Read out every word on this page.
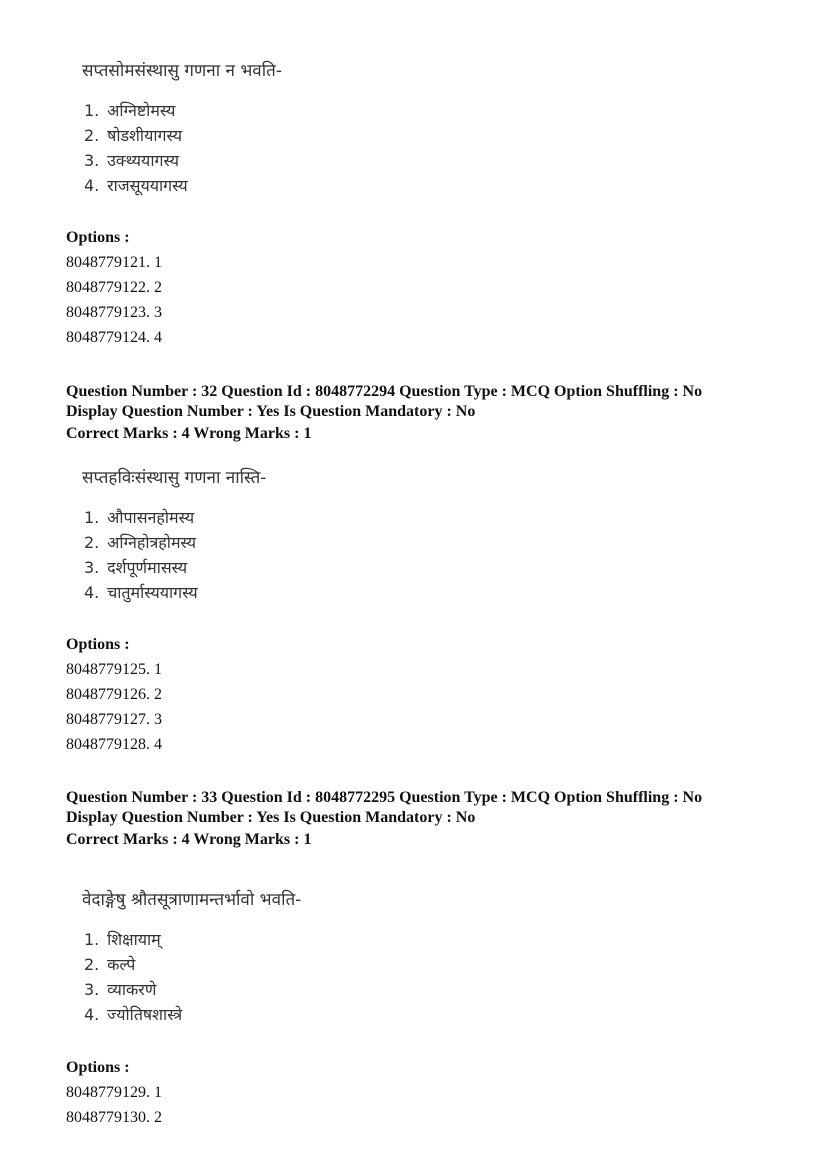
सप्तसोमसंस्थासु गणना न भवति-
1. अग्निष्टोमस्य
2. षोडशीयागस्य
3. उक्थ्ययागस्य
4. राजसूययागस्य
Options :
8048779121. 1
8048779122. 2
8048779123. 3
8048779124. 4
Question Number : 32 Question Id : 8048772294 Question Type : MCQ Option Shuffling : No
Display Question Number : Yes Is Question Mandatory : No
Correct Marks : 4 Wrong Marks : 1
सप्तहविःसंस्थासु गणना नास्ति-
1. औपासनहोमस्य
2. अग्निहोत्रहोमस्य
3. दर्शपूर्णमासस्य
4. चातुर्मास्ययागस्य
Options :
8048779125. 1
8048779126. 2
8048779127. 3
8048779128. 4
Question Number : 33 Question Id : 8048772295 Question Type : MCQ Option Shuffling : No
Display Question Number : Yes Is Question Mandatory : No
Correct Marks : 4 Wrong Marks : 1
वेदाङ्गेषु श्रौतसूत्राणामन्तर्भावो भवति-
1. शिक्षायाम्
2. कल्पे
3. व्याकरणे
4. ज्योतिषशास्त्रे
Options :
8048779129. 1
8048779130. 2
